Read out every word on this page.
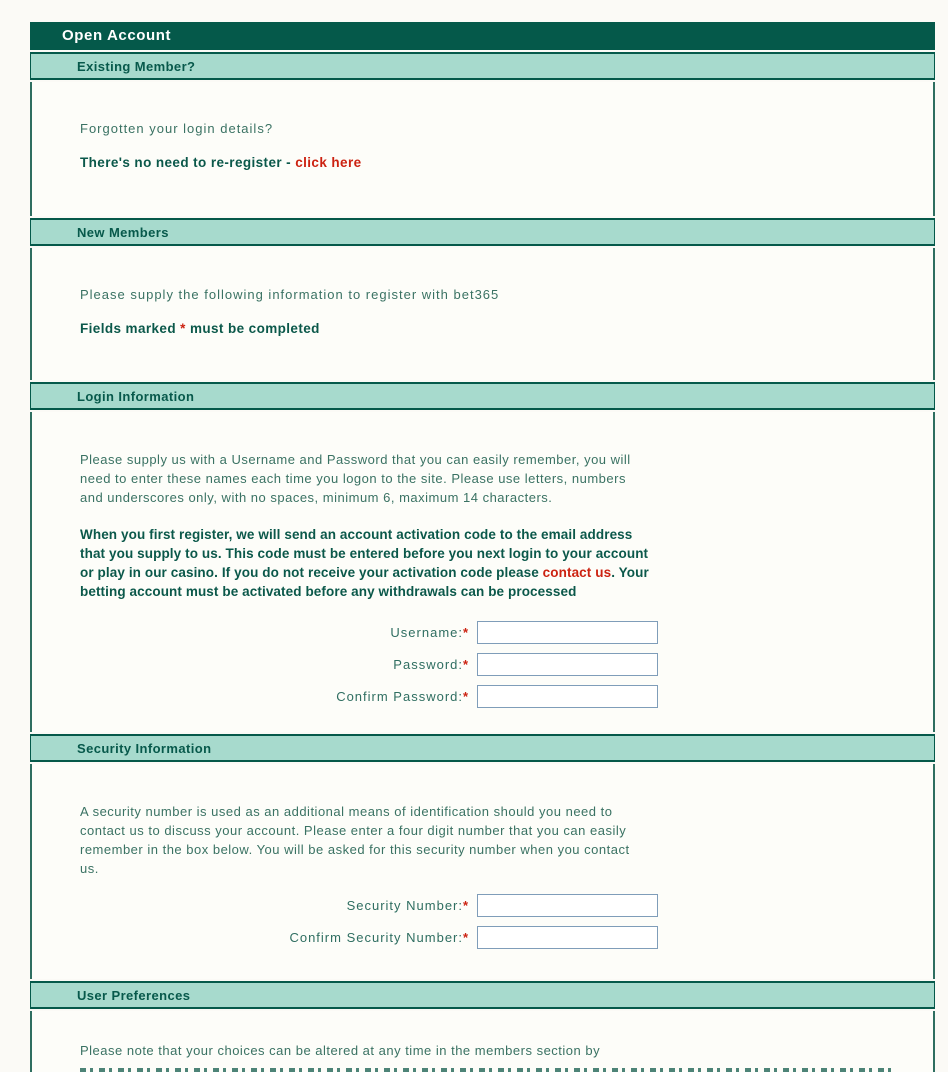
Open Account
Existing Member?
Forgotten your login details?
There's no need to re-register - click here
New Members
Please supply the following information to register with bet365
Fields marked * must be completed
Login Information
Please supply us with a Username and Password that you can easily remember, you will
need to enter these names each time you logon to the site. Please use letters, numbers
and underscores only, with no spaces, minimum 6, maximum 14 characters.
When you first register, we will send an account activation code to the email address
that you supply to us. This code must be entered before you next login to your account
or play in our casino. If you do not receive your activation code please contact us. Your
betting account must be activated before any withdrawals can be processed
Username: *
Password: *
Confirm Password: *
Security Information
A security number is used as an additional means of identification should you need to
contact us to discuss your account. Please enter a four digit number that you can easily
remember in the box below. You will be asked for this security number when you contact
us.
Security Number: *
Confirm Security Number: *
User Preferences
Please note that your choices can be altered at any time in the members section by
